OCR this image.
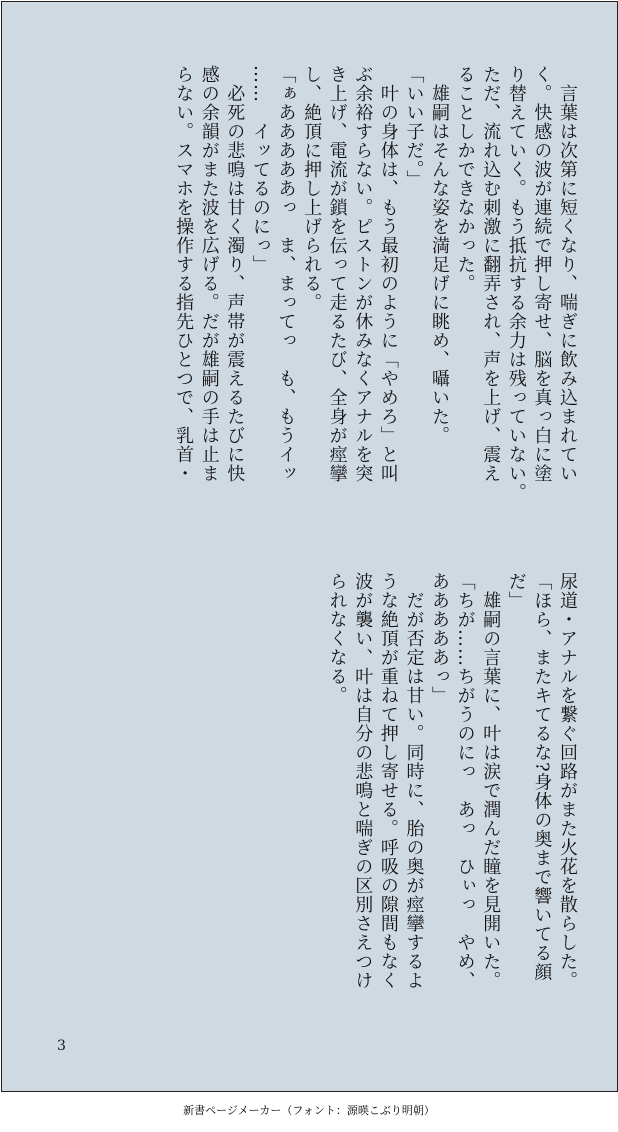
　言葉は次第に短くなり、喘ぎに飲み込まれてい

く。快感の波が連続で押し寄せ、脳を真っ白に塗

り替えていく。もう抵抗する余力は残っていない。

ただ、流れ込む刺激に翻弄され、声を上げ、震え

ることしかできなかった。

　雄嗣はそんな姿を満足げに眺め、囁いた。

「いい子だ。」

　叶の身体は、もう最初のように「やめろ」と叫

ぶ余裕すらない。ピストンが休みなくアナルを突

き上げ、電流が鎖を伝って走るたび、全身が痙攣

し、絶頂に押し上げられる。

「ぁあああああっ　ま、まってっ　も、もうイッ

……　イッてるのにっ」

　必死の悲鳴は甘く濁り、声帯が震えるたびに快

感の余韻がまた波を広げる。だが雄嗣の手は止ま

らない。スマホを操作する指先ひとつで、乳首・

尿道・アナルを繋ぐ回路がまた火花を散らした。

「ほら、またキてるな?身体の奥まで響いてる顔

だ」

　雄嗣の言葉に、叶は涙で潤んだ瞳を見開いた。

「ちが……ちがうのにっ　あっ　ひぃっ　やめ、

あああああっ」

　だが否定は甘い。同時に、胎の奥が痙攣するよ

うな絶頂が重ねて押し寄せる。呼吸の隙間もなく

波が襲い、叶は自分の悲鳴と喘ぎの区別さえつけ

られなくなる。

3
新書ページメーカー（フォント：源暎こぶり明朝）
